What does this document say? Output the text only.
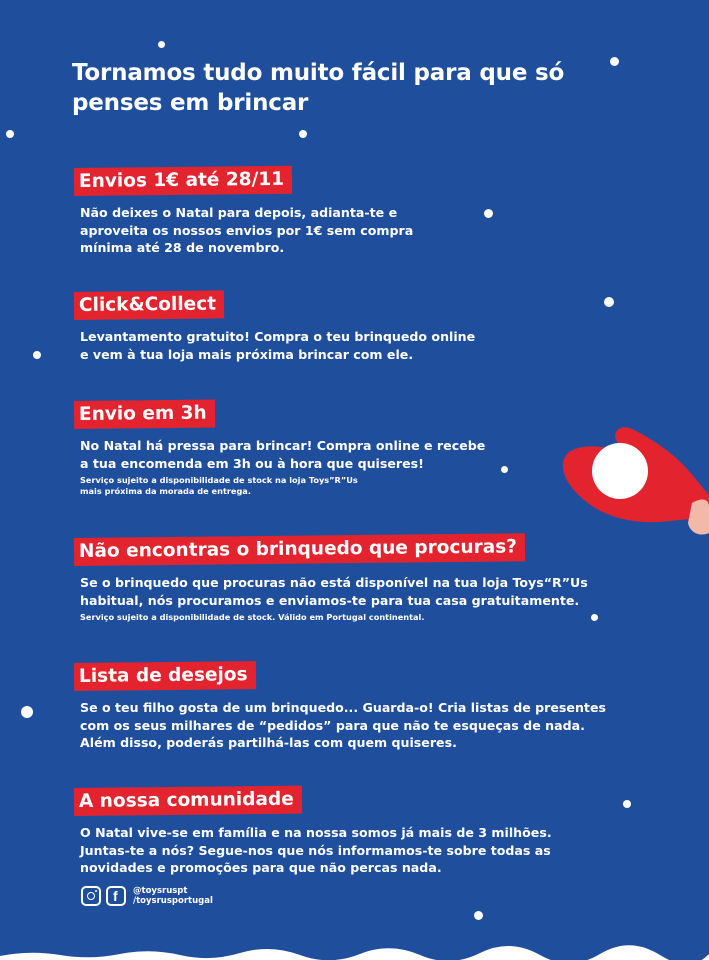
Tornamos tudo muito fácil para que só penses em brincar
Envios 1€ até 28/11
Não deixes o Natal para depois, adianta-te e
aproveita os nossos envios por 1€ sem compra
mínima até 28 de novembro.
Click&Collect
Levantamento gratuito! Compra o teu brinquedo online
e vem à tua loja mais próxima brincar com ele.
Envio em 3h
No Natal há pressa para brincar! Compra online e recebe
a tua encomenda em 3h ou à hora que quiseres!
Serviço sujeito a disponibilidade de stock na loja Toys”R”Us
mais próxima da morada de entrega.
Não encontras o brinquedo que procuras?
Se o brinquedo que procuras não está disponível na tua loja Toys“R”Us
habitual, nós procuramos e enviamos-te para tua casa gratuitamente.
Serviço sujeito a disponibilidade de stock. Válido em Portugal continental.
Lista de desejos
Se o teu filho gosta de um brinquedo... Guarda-o! Cria listas de presentes
com os seus milhares de “pedidos” para que não te esqueças de nada.
Além disso, poderás partilhá-las com quem quiseres.
A nossa comunidade
O Natal vive-se em família e na nossa somos já mais de 3 milhões.
Juntas-te a nós? Segue-nos que nós informamos-te sobre todas as
novidades e promoções para que não percas nada.
f @toysruspt
/toysrusportugal
